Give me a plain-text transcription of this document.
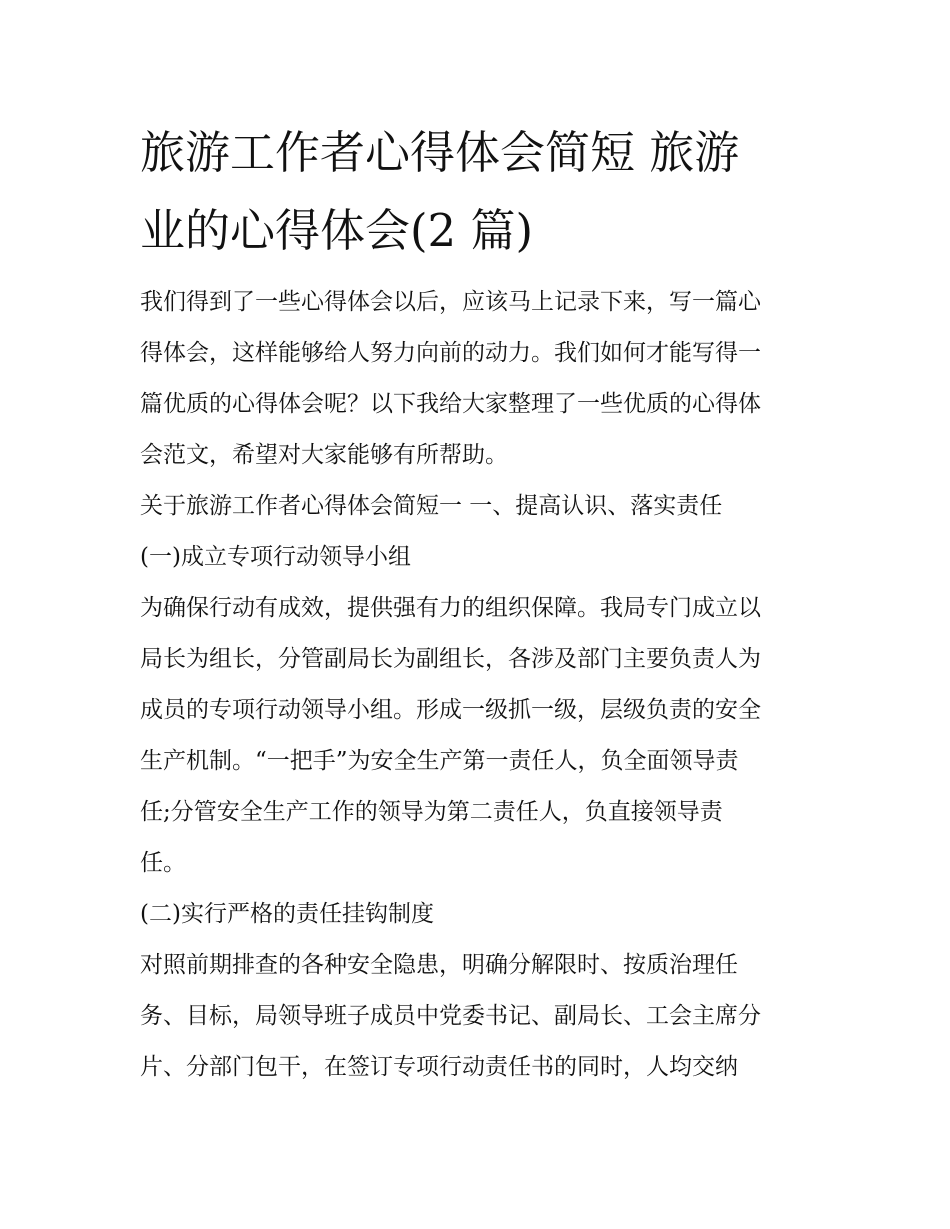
旅游工作者心得体会简短 旅游
业的心得体会(2 篇)
我们得到了一些心得体会以后，应该马上记录下来，写一篇心
得体会，这样能够给人努力向前的动力。我们如何才能写得一
篇优质的心得体会呢？以下我给大家整理了一些优质的心得体
会范文，希望对大家能够有所帮助。
关于旅游工作者心得体会简短一 一、提高认识、落实责任
(一)成立专项行动领导小组
为确保行动有成效，提供强有力的组织保障。我局专门成立以
局长为组长，分管副局长为副组长，各涉及部门主要负责人为
成员的专项行动领导小组。形成一级抓一级，层级负责的安全
生产机制。“一把手”为安全生产第一责任人，负全面领导责
任;分管安全生产工作的领导为第二责任人，负直接领导责
任。
(二)实行严格的责任挂钩制度
对照前期排查的各种安全隐患，明确分解限时、按质治理任
务、目标，局领导班子成员中党委书记、副局长、工会主席分
片、分部门包干，在签订专项行动责任书的同时，人均交纳
